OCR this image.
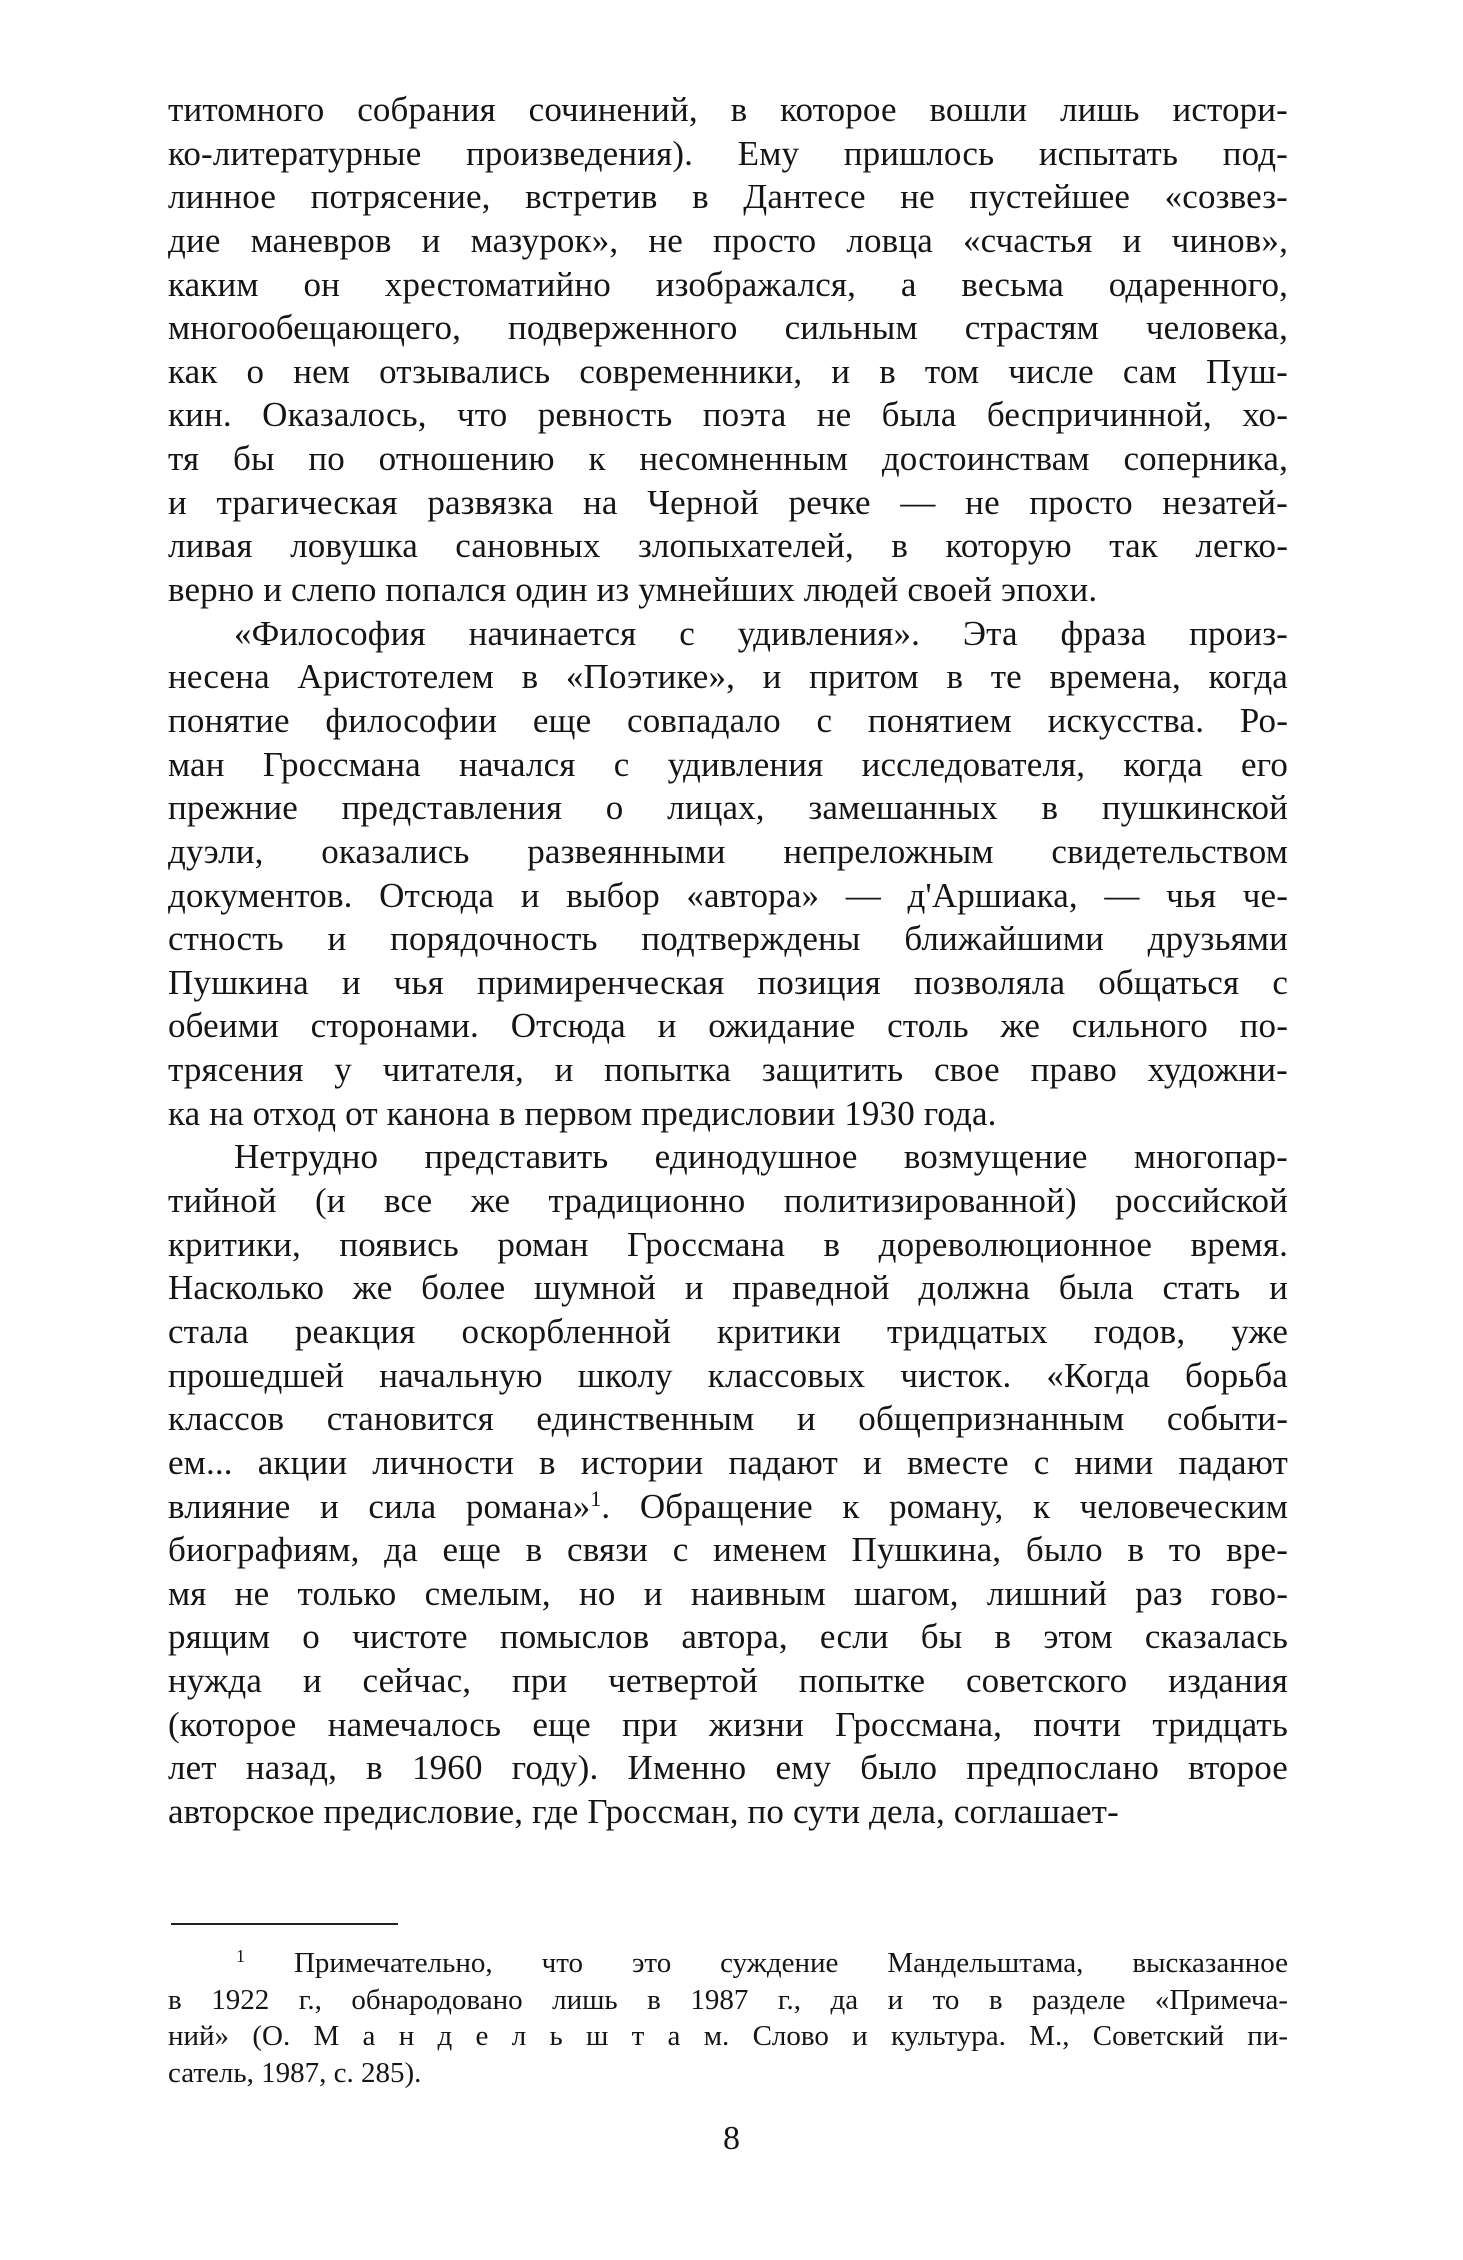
титомного собрания сочинений, в которое вошли лишь истори-
ко-литературные произведения). Ему пришлось испытать под-
линное потрясение, встретив в Дантесе не пустейшее «созвез-
дие маневров и мазурок», не просто ловца «счастья и чинов»,
каким он хрестоматийно изображался, а весьма одаренного,
многообещающего, подверженного сильным страстям человека,
как о нем отзывались современники, и в том числе сам Пуш-
кин. Оказалось, что ревность поэта не была беспричинной, хо-
тя бы по отношению к несомненным достоинствам соперника,
и трагическая развязка на Черной речке — не просто незатей-
ливая ловушка сановных злопыхателей, в которую так легко-
верно и слепо попался один из умнейших людей своей эпохи.
«Философия начинается с удивления». Эта фраза произ-
несена Аристотелем в «Поэтике», и притом в те времена, когда
понятие философии еще совпадало с понятием искусства. Ро-
ман Гроссмана начался с удивления исследователя, когда его
прежние представления о лицах, замешанных в пушкинской
дуэли, оказались развеянными непреложным свидетельством
документов. Отсюда и выбор «автора» — д'Аршиака, — чья че-
стность и порядочность подтверждены ближайшими друзьями
Пушкина и чья примиренческая позиция позволяла общаться с
обеими сторонами. Отсюда и ожидание столь же сильного по-
трясения у читателя, и попытка защитить свое право художни-
ка на отход от канона в первом предисловии 1930 года.
Нетрудно представить единодушное возмущение многопар-
тийной (и все же традиционно политизированной) российской
критики, появись роман Гроссмана в дореволюционное время.
Насколько же более шумной и праведной должна была стать и
стала реакция оскорбленной критики тридцатых годов, уже
прошедшей начальную школу классовых чисток. «Когда борьба
классов становится единственным и общепризнанным событи-
ем... акции личности в истории падают и вместе с ними падают
влияние и сила романа»$^1$. Обращение к роману, к человеческим
биографиям, да еще в связи с именем Пушкина, было в то вре-
мя не только смелым, но и наивным шагом, лишний раз гово-
рящим о чистоте помыслов автора, если бы в этом сказалась
нужда и сейчас, при четвертой попытке советского издания
(которое намечалось еще при жизни Гроссмана, почти тридцать
лет назад, в 1960 году). Именно ему было предпослано второе
авторское предисловие, где Гроссман, по сути дела, соглашает-
$^1$ Примечательно, что это суждение Мандельштама, высказанное
в 1922 г., обнародовано лишь в 1987 г., да и то в разделе «Примеча-
ний» (О. М а н д е л ь ш т а м. Слово и культура. М., Советский пи-
сатель, 1987, с. 285).
8
